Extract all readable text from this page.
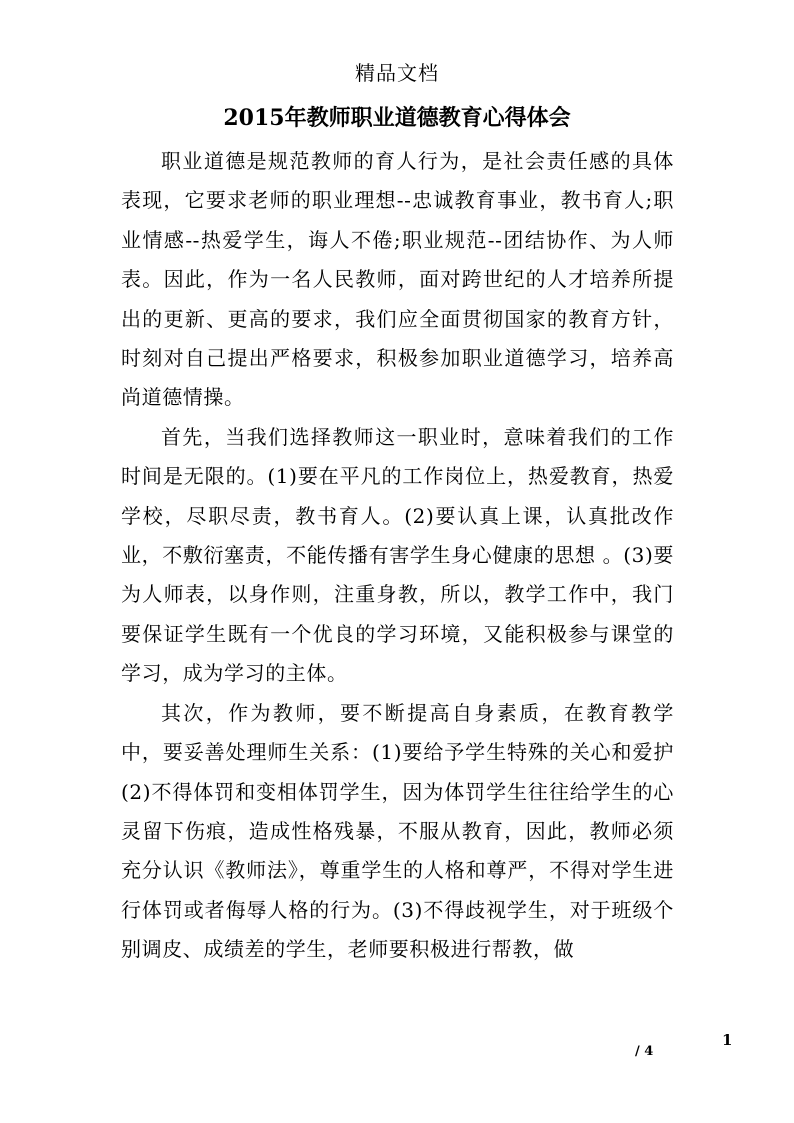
精品文档
2015年教师职业道德教育心得体会

职业道德是规范教师的育人行为，是社会责任感的具体表现，它要求老师的职业理想--忠诚教育事业，教书育人;职业情感--热爱学生，诲人不倦;职业规范--团结协作、为人师表。因此，作为一名人民教师，面对跨世纪的人才培养所提出的更新、更高的要求，我们应全面贯彻国家的教育方针，时刻对自己提出严格要求，积极参加职业道德学习，培养高尚道德情操。

首先，当我们选择教师这一职业时，意味着我们的工作时间是无限的。(1)要在平凡的工作岗位上，热爱教育，热爱学校，尽职尽责，教书育人。(2)要认真上课，认真批改作业，不敷衍塞责，不能传播有害学生身心健康的思想 。(3)要为人师表，以身作则，注重身教，所以，教学工作中，我门要保证学生既有一个优良的学习环境，又能积极参与课堂的学习，成为学习的主体。

其次，作为教师，要不断提高自身素质，在教育教学中，要妥善处理师生关系：(1)要给予学生特殊的关心和爱护(2)不得体罚和变相体罚学生，因为体罚学生往往给学生的心灵留下伤痕，造成性格残暴，不服从教育，因此，教师必须充分认识《教师法》，尊重学生的人格和尊严，不得对学生进行体罚或者侮辱人格的行为。(3)不得歧视学生，对于班级个别调皮、成绩差的学生，老师要积极进行帮教，做

1
/ 4
